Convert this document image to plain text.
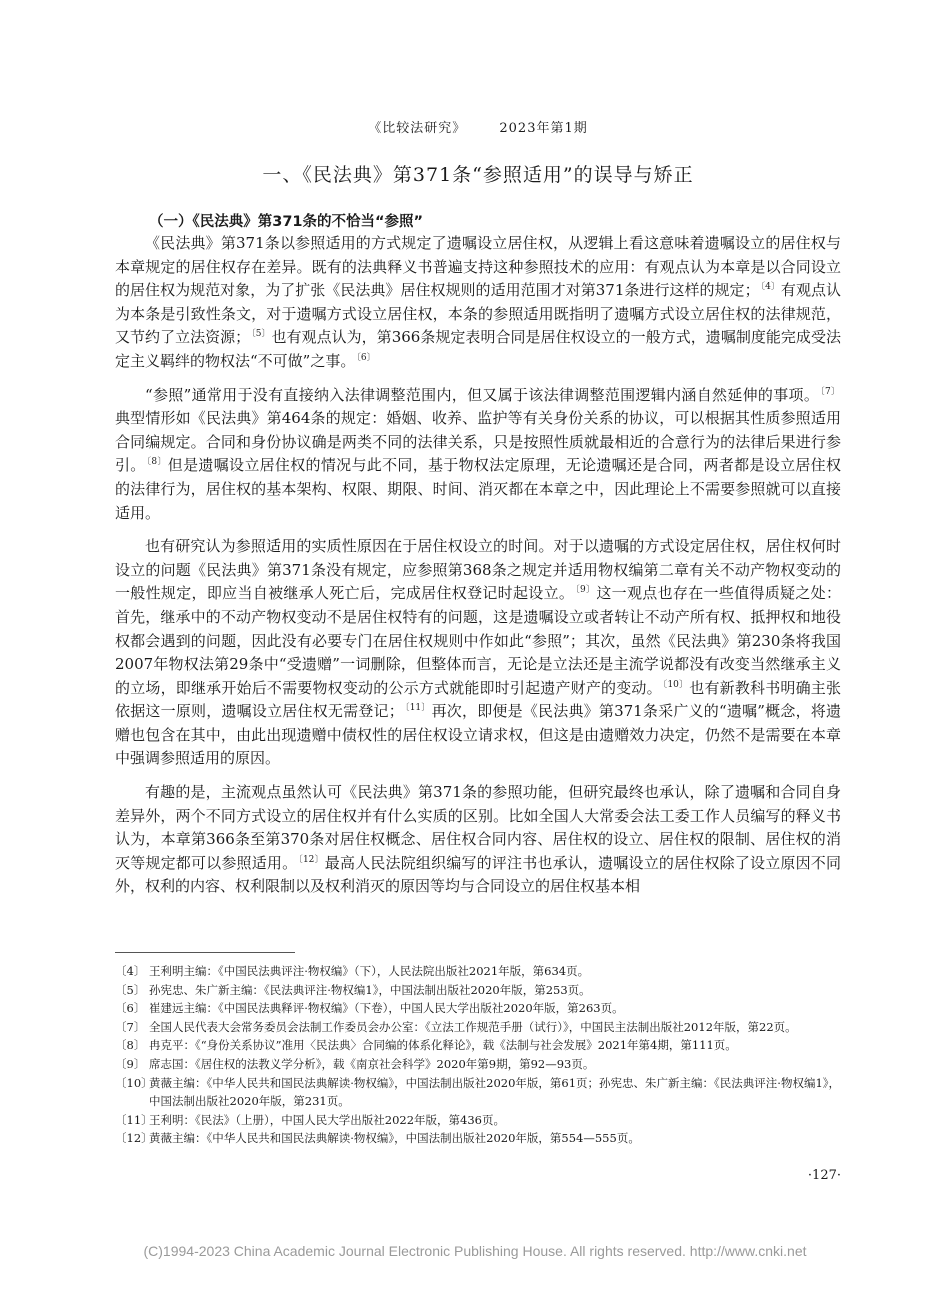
《比较法研究》	2023年第1期
一、《民法典》第371条“参照适用”的误导与矫正
（一）《民法典》第371条的不恰当“参照”

《民法典》第371条以参照适用的方式规定了遗嘱设立居住权，从逻辑上看这意味着遗嘱设立的居住权与本章规定的居住权存在差异。既有的法典释义书普遍支持这种参照技术的应用：有观点认为本章是以合同设立的居住权为规范对象，为了扩张《民法典》居住权规则的适用范围才对第371条进行这样的规定；$^{〔4〕}$有观点认为本条是引致性条文，对于遗嘱方式设立居住权，本条的参照适用既指明了遗嘱方式设立居住权的法律规范，又节约了立法资源；$^{〔5〕}$也有观点认为，第366条规定表明合同是居住权设立的一般方式，遗嘱制度能完成受法定主义羁绊的物权法“不可做”之事。$^{〔6〕}$

“参照”通常用于没有直接纳入法律调整范围内，但又属于该法律调整范围逻辑内涵自然延伸的事项。$^{〔7〕}$典型情形如《民法典》第464条的规定：婚姻、收养、监护等有关身份关系的协议，可以根据其性质参照适用合同编规定。合同和身份协议确是两类不同的法律关系，只是按照性质就最相近的合意行为的法律后果进行参引。$^{〔8〕}$但是遗嘱设立居住权的情况与此不同，基于物权法定原理，无论遗嘱还是合同，两者都是设立居住权的法律行为，居住权的基本架构、权限、期限、时间、消灭都在本章之中，因此理论上不需要参照就可以直接适用。

也有研究认为参照适用的实质性原因在于居住权设立的时间。对于以遗嘱的方式设定居住权，居住权何时设立的问题《民法典》第371条没有规定，应参照第368条之规定并适用物权编第二章有关不动产物权变动的一般性规定，即应当自被继承人死亡后，完成居住权登记时起设立。$^{〔9〕}$这一观点也存在一些值得质疑之处：首先，继承中的不动产物权变动不是居住权特有的问题，这是遗嘱设立或者转让不动产所有权、抵押权和地役权都会遇到的问题，因此没有必要专门在居住权规则中作如此“参照”；其次，虽然《民法典》第230条将我国2007年物权法第29条中“受遗赠”一词删除，但整体而言，无论是立法还是主流学说都没有改变当然继承主义的立场，即继承开始后不需要物权变动的公示方式就能即时引起遗产财产的变动。$^{〔10〕}$也有新教科书明确主张依据这一原则，遗嘱设立居住权无需登记；$^{〔11〕}$再次，即便是《民法典》第371条采广义的“遗嘱”概念，将遗赠也包含在其中，由此出现遗赠中债权性的居住权设立请求权，但这是由遗赠效力决定，仍然不是需要在本章中强调参照适用的原因。

有趣的是，主流观点虽然认可《民法典》第371条的参照功能，但研究最终也承认，除了遗嘱和合同自身差异外，两个不同方式设立的居住权并有什么实质的区别。比如全国人大常委会法工委工作人员编写的释义书认为，本章第366条至第370条对居住权概念、居住权合同内容、居住权的设立、居住权的限制、居住权的消灭等规定都可以参照适用。$^{〔12〕}$最高人民法院组织编写的评注书也承认，遗嘱设立的居住权除了设立原因不同外，权利的内容、权利限制以及权利消灭的原因等均与合同设立的居住权基本相

〔4〕 王利明主编：《中国民法典评注·物权编》（下），人民法院出版社2021年版，第634页。
〔5〕 孙宪忠、朱广新主编：《民法典评注·物权编1》，中国法制出版社2020年版，第253页。
〔6〕 崔建远主编：《中国民法典释评·物权编》（下卷），中国人民大学出版社2020年版，第263页。
〔7〕 全国人民代表大会常务委员会法制工作委员会办公室：《立法工作规范手册（试行）》，中国民主法制出版社2012年版，第22页。
〔8〕 冉克平：《“身份关系协议”准用〈民法典〉合同编的体系化释论》，载《法制与社会发展》2021年第4期，第111页。
〔9〕 席志国：《居住权的法教义学分析》，载《南京社会科学》2020年第9期，第92—93页。
〔10〕
黄薇主编：《中华人民共和国民法典解读·物权编》，中国法制出版社2020年版，第61页；孙宪忠、朱广新主编：《民法典评注·物权编1》，中国法制出版社2020年版，第231页。
〔11〕
王利明：《民法》（上册），中国人民大学出版社2022年版，第436页。
〔12〕
黄薇主编：《中华人民共和国民法典解读·物权编》，中国法制出版社2020年版，第554—555页。
·127·
(C)1994-2023 China Academic Journal Electronic Publishing House. All rights reserved. http://www.cnki.net
